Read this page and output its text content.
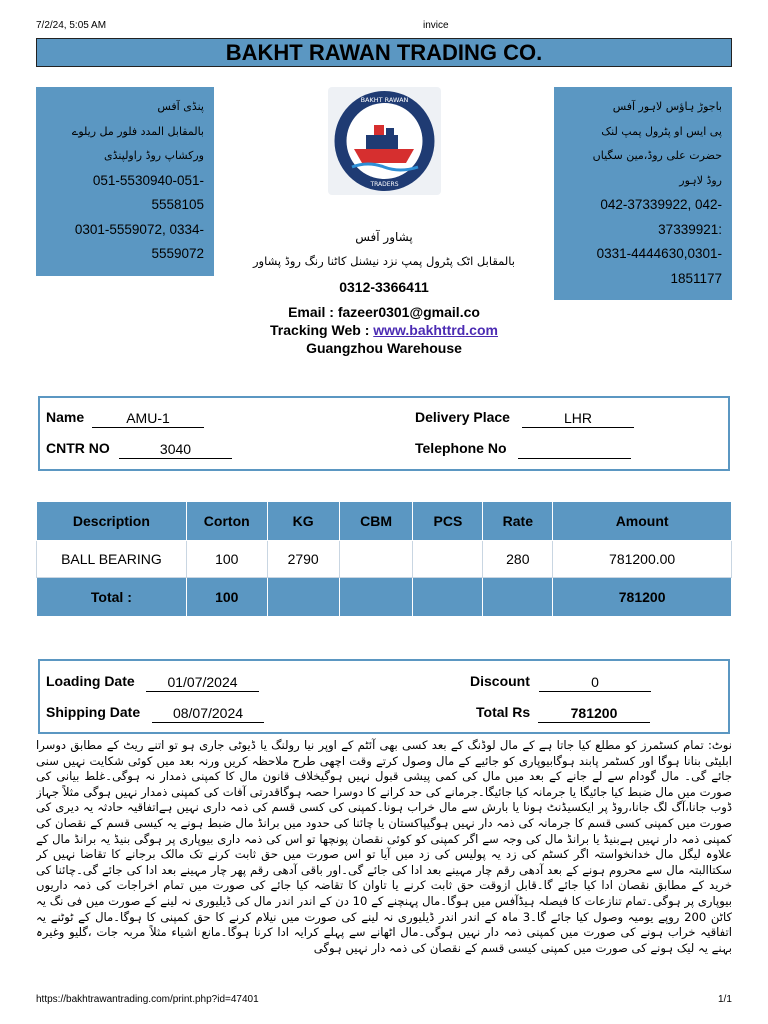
7/2/24, 5:05 AM	invice
BAKHT RAWAN TRADING CO.
پنڈی آفس
بالمقابل المدد فلور مل ریلوے
ورکشاپ روڈ راولپنڈی
051-5530940-051-
5558105
0301-5559072, 0334-
5559072
باجوڑ ہاؤس لاہور آفس
پی ایس او پٹرول پمپ لنک
حضرت علی روڈ،مین سگیاں
روڈ لاہور
042-37339922, 042-
37339921:
0331-4444630,0301-
1851177
BAKHT RAWAN
TRADERS
پشاور آفس
بالمقابل اٹک پٹرول پمپ نزد نیشنل کاٹنا رنگ روڈ پشاور
0312-3366411
Email : fazeer0301@gmail.co
Tracking Web : www.bakhttrd.com
Guangzhou Warehouse
Name	AMU-1
CNTR NO	3040
Delivery Place	LHR
Telephone No
Description	Corton	KG	CBM	PCS	Rate	Amount
BALL BEARING	100	2790			280	781200.00
Total :	100					781200
Loading Date	01/07/2024
Shipping Date	08/07/2024
Discount	0
Total Rs	781200
نوٹ: تمام کسٹمرز کو مطلع کیا جاتا ہے کے مال لوڈنگ کے بعد کسی بھی آئٹم کے اوپر نیا رولنگ یا ڈیوٹی جاری ہو تو اتنے ریٹ کے مطابق دوسرا ابلیٹی بنانا ہوگا اور کسٹمر پابند ہوگابیوپاری کو جائیے کے مال وصول کرتے وقت اچھی طرح ملاحظہ کریں ورنہ بعد میں کوئی شکایت نہیں سنی جائے گی۔ مال گودام سے لے جانے کے بعد میں مال کی کمی پیشی قبول نہیں ہوگیخلاف قانون مال کا کمپنی ذمدار نہ ہوگی۔غلط بیانی کی صورت میں مال ضبط کیا جائیگا یا جرمانہ کیا جائیگا۔جرمانے کی حد کرانے کا دوسرا حصہ ہوگاقدرتی آفات کی کمپنی ذمدار نہیں ہوگی مثلاً جہاز ڈوب جانا،آگ لگ جانا،روڈ پر ایکسیڈنٹ ہونا یا بارش سے مال خراب ہونا۔کمپنی کی کسی قسم کی ذمہ داری نہیں ہےاتفاقیہ حادثہ یہ دیری کی صورت میں کمپنی کسی قسم کا جرمانہ کی ذمہ دار نہیں ہوگیپاکستان یا چائنا کی حدود میں برانڈ مال ضبط ہونے یہ کیسی قسم کے نقصان کی کمپنی ذمہ دار نہیں ہےبنیڈ یا برانڈ مال کی وجہ سے اگر کمپنی کو کوئی نقصان پونچھا تو اس کی ذمہ داری بیوپاری پر ہوگی بنیڈ یہ برانڈ مال کے علاوہ لیگل مال خدانخواستہ اگر کسٹم کی زد یہ پولیس کی زد میں آیا تو اس صورت میں حق ثابت کرنے تک مالک برجانے کا تقاضا نہیں کر سکتاالبتہ مال سے محروم ہونے کے بعد آدھی رقم چار مہینے بعد ادا کی جائے گی۔اور باقی آدھی رقم پھر چار مہینے بعد ادا کی جائے گی۔چائنا کی خرید کے مطابق نقصان ادا کیا جائے گا۔قابل ازوقت حق ثابت کرنے یا تاوان کا تقاضہ کیا جائے کی صورت میں تمام اخراجات کی ذمہ داریوں بیوپاری پر ہوگی۔تمام تنازعات کا فیصلہ ہیڈآفس میں ہوگا۔مال پہنچنے کے 10 دن کے اندر اندر مال کی ڈیلیوری نہ لینے کے صورت میں فی نگ یہ کاٹن 200 روپے یومیہ وصول کیا جائے گا۔3 ماہ کے اندر اندر ڈیلیوری نہ لینے کی صورت میں نیلام کرنے کا حق کمپنی کا ہوگا۔مال کے ٹوٹنے یہ اتفاقیہ خراب ہونے کی صورت میں کمپنی ذمہ دار نہیں ہوگی۔مال اٹھانے سے پہلے کرایہ ادا کرنا ہوگا۔مانع اشیاء مثلاً مربہ جات ،گلیو وغیرہ بہنے یہ لیک ہونے کی صورت میں کمپنی کیسی قسم کے نقصان کی ذمہ دار نہیں ہوگی
https://bakhtrawantrading.com/print.php?id=47401	1/1
